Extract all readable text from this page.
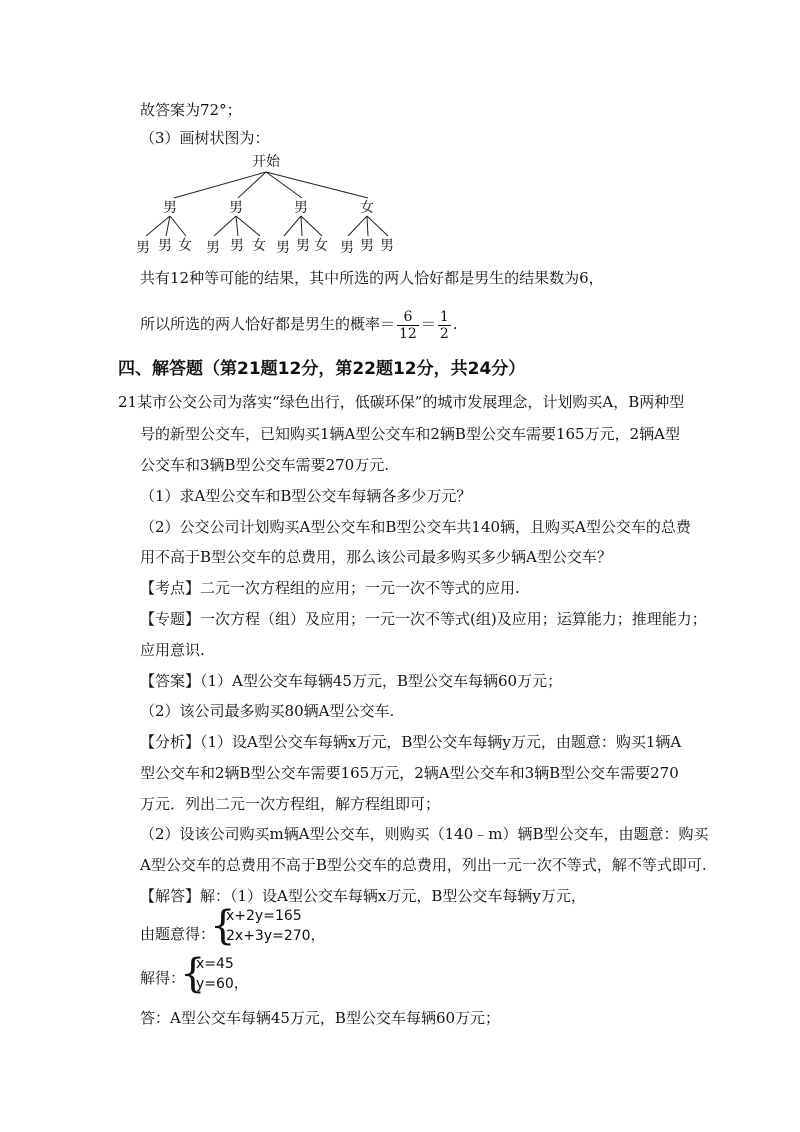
故答案为72°；
（3）画树状图为：
开始
男	男	男	女
男 男 女 男 男 女 男 男 女 男 男 男
共有12种等可能的结果，其中所选的两人恰好都是男生的结果数为6，
所以所选的两人恰好都是男生的概率＝ $\frac{6}{12} = \frac{1}{2}$ .
四、解答题（第21题12分，第22题12分，共24分）
21某市公交公司为落实“绿色出行，低碳环保”的城市发展理念，计划购买A，B两种型
号的新型公交车，已知购买1辆A型公交车和2辆B型公交车需要165万元，2辆A型
公交车和3辆B型公交车需要270万元.
（1）求A型公交车和B型公交车每辆各多少万元？
（2）公交公司计划购买A型公交车和B型公交车共140辆，且购买A型公交车的总费
用不高于B型公交车的总费用，那么该公司最多购买多少辆A型公交车？
【考点】二元一次方程组的应用；一元一次不等式的应用.
【专题】一次方程（组）及应用；一元一次不等式(组)及应用；运算能力；推理能力；
应用意识.
【答案】（1）A型公交车每辆45万元，B型公交车每辆60万元；
（2）该公司最多购买80辆A型公交车.
【分析】（1）设A型公交车每辆x万元，B型公交车每辆y万元，由题意：购买1辆A
型公交车和2辆B型公交车需要165万元，2辆A型公交车和3辆B型公交车需要270
万元．列出二元一次方程组，解方程组即可；
（2）设该公司购买m辆A型公交车，则购买（140﹣m）辆B型公交车，由题意：购买
A型公交车的总费用不高于B型公交车的总费用，列出一元一次不等式，解不等式即可.
【解答】解：（1）设A型公交车每辆x万元，B型公交车每辆y万元，
由题意得：
{
x+2y=165
2x+3y=270，
解得：
{
x=45
y=60，
答：A型公交车每辆45万元，B型公交车每辆60万元；
